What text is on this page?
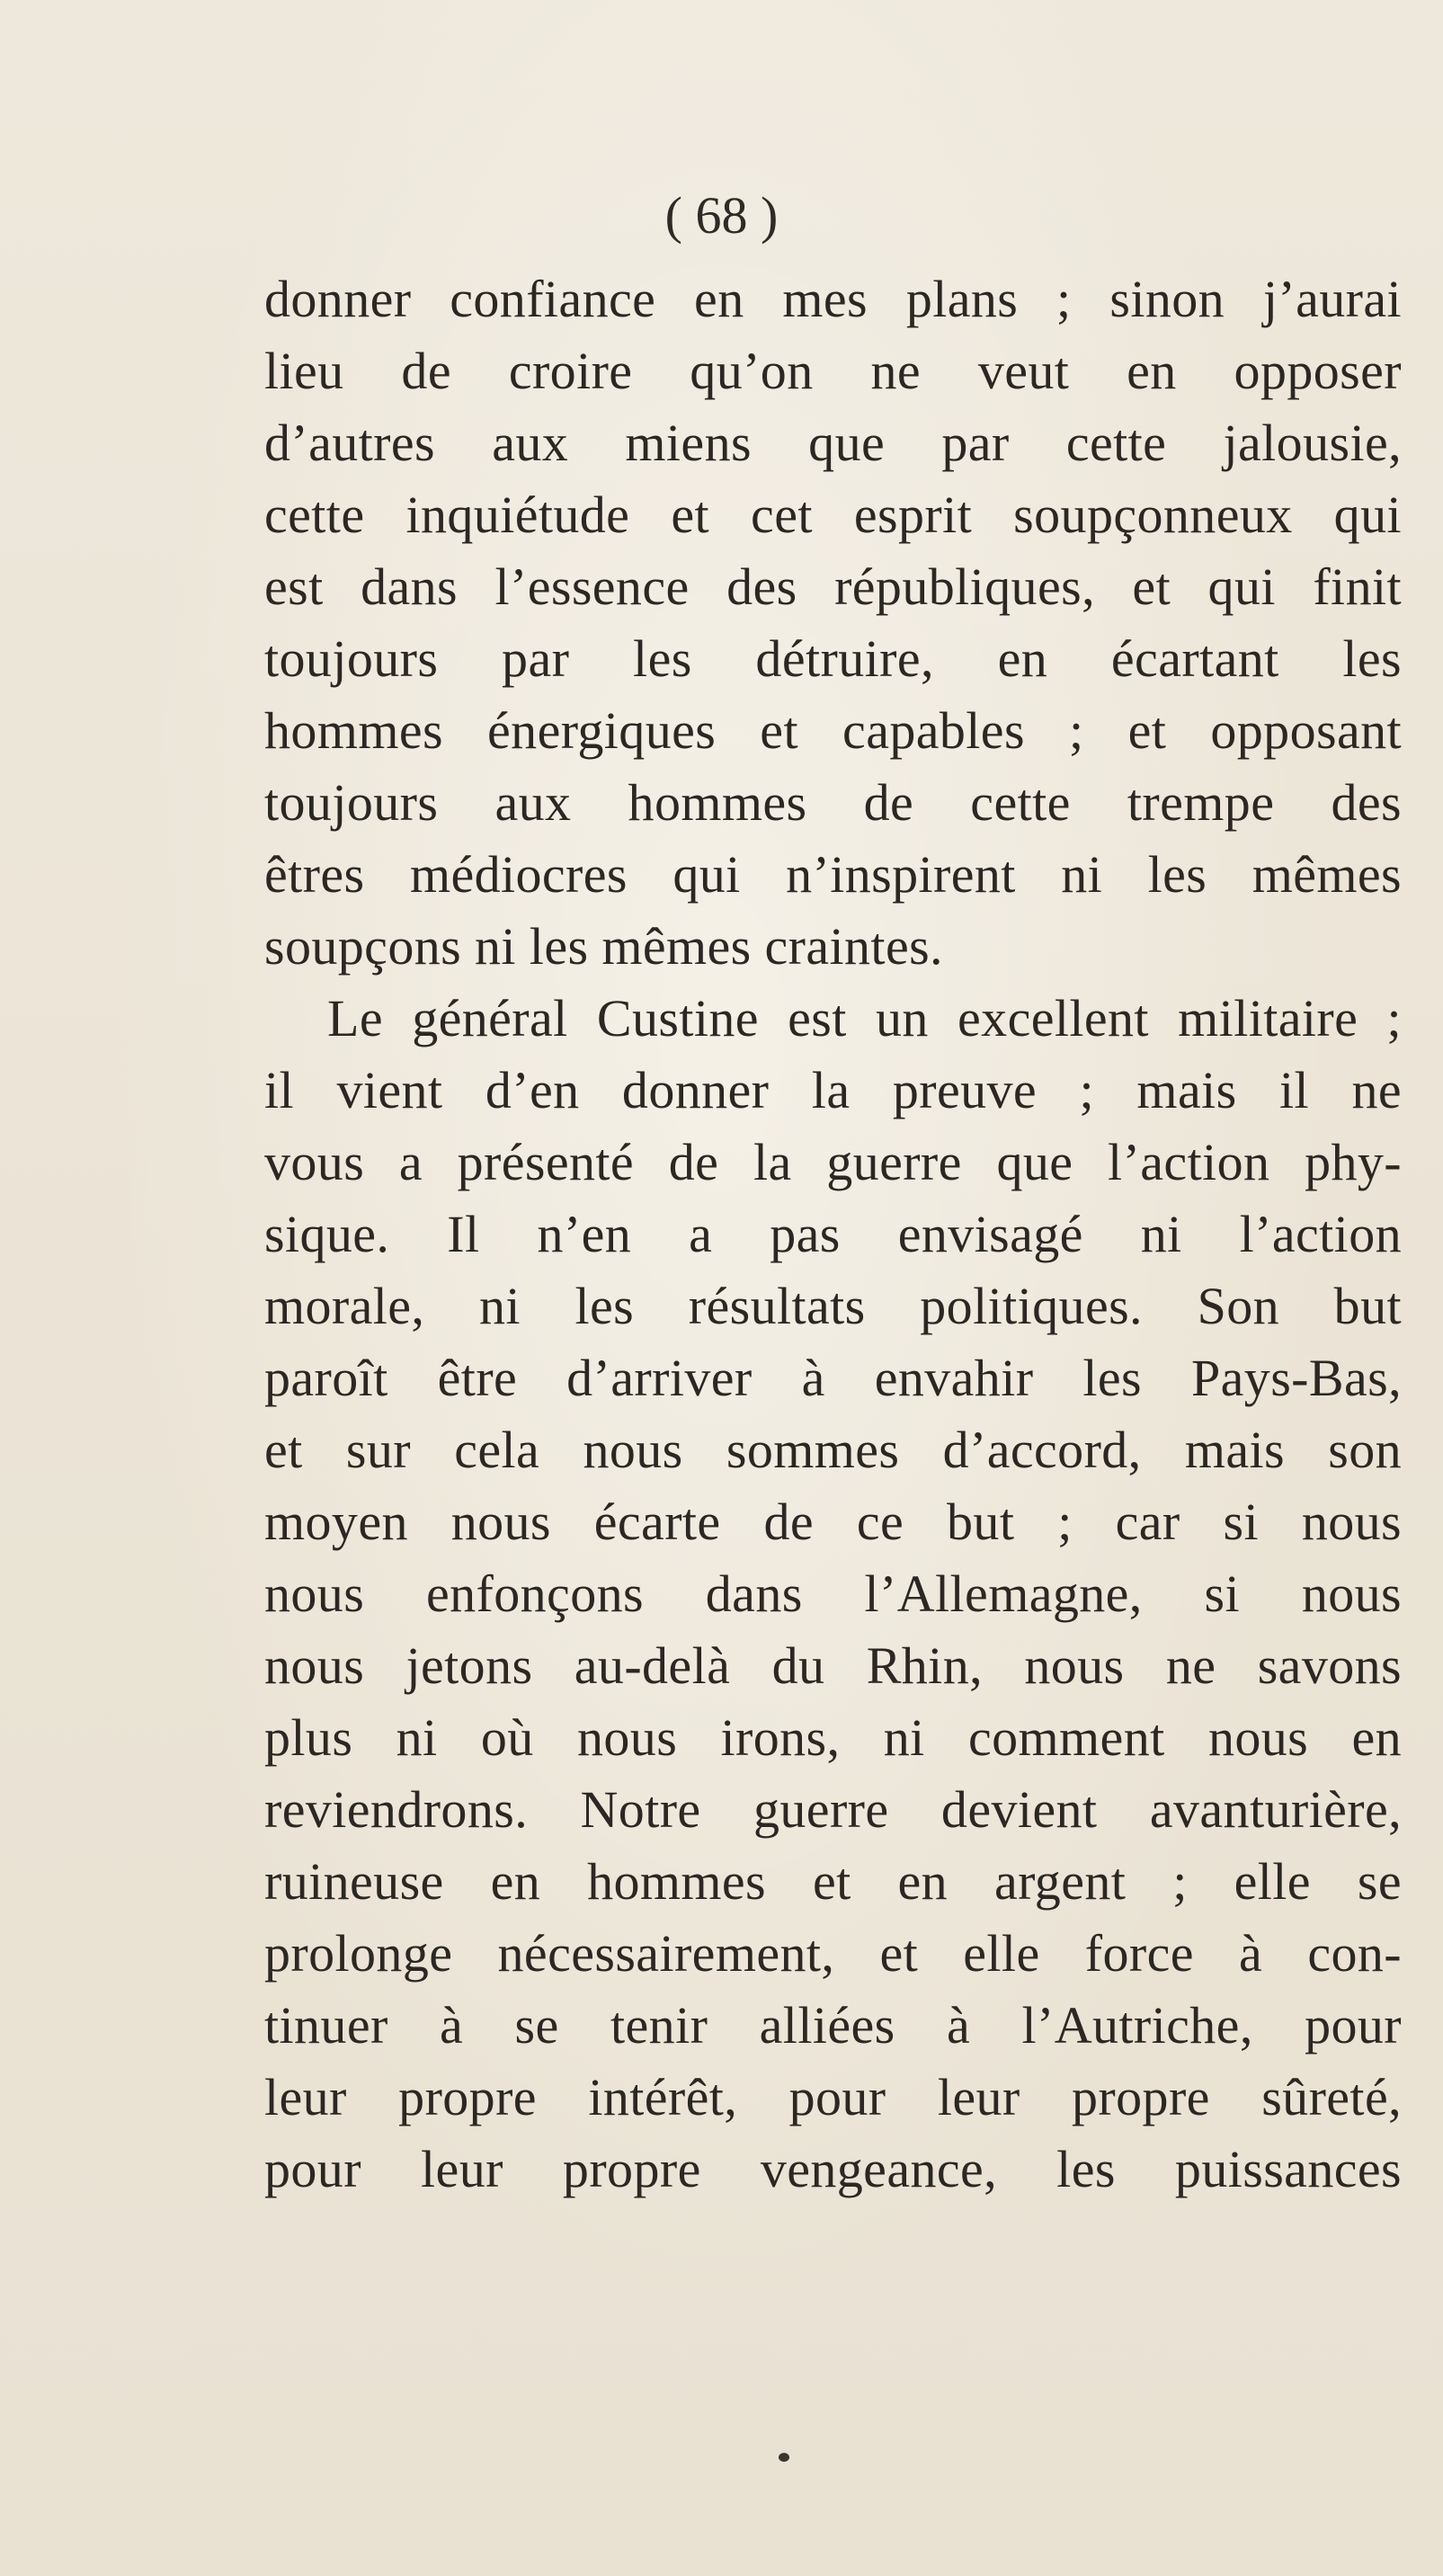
( 68 )
donner confiance en mes plans ; sinon j’aurai
lieu de croire qu’on ne veut en opposer
d’autres aux miens que par cette jalousie,
cette inquiétude et cet esprit soupçonneux qui
est dans l’essence des républiques, et qui finit
toujours par les détruire, en écartant les
hommes énergiques et capables ; et opposant
toujours aux hommes de cette trempe des
êtres médiocres qui n’inspirent ni les mêmes
soupçons ni les mêmes craintes.
Le général Custine est un excellent militaire ;
il vient d’en donner la preuve ; mais il ne
vous a présenté de la guerre que l’action phy-
sique. Il n’en a pas envisagé ni l’action
morale, ni les résultats politiques. Son but
paroît être d’arriver à envahir les Pays-Bas,
et sur cela nous sommes d’accord, mais son
moyen nous écarte de ce but ; car si nous
nous enfonçons dans l’Allemagne, si nous
nous jetons au-delà du Rhin, nous ne savons
plus ni où nous irons, ni comment nous en
reviendrons. Notre guerre devient avanturière,
ruineuse en hommes et en argent ; elle se
prolonge nécessairement, et elle force à con-
tinuer à se tenir alliées à l’Autriche, pour
leur propre intérêt, pour leur propre sûreté,
pour leur propre vengeance, les puissances
